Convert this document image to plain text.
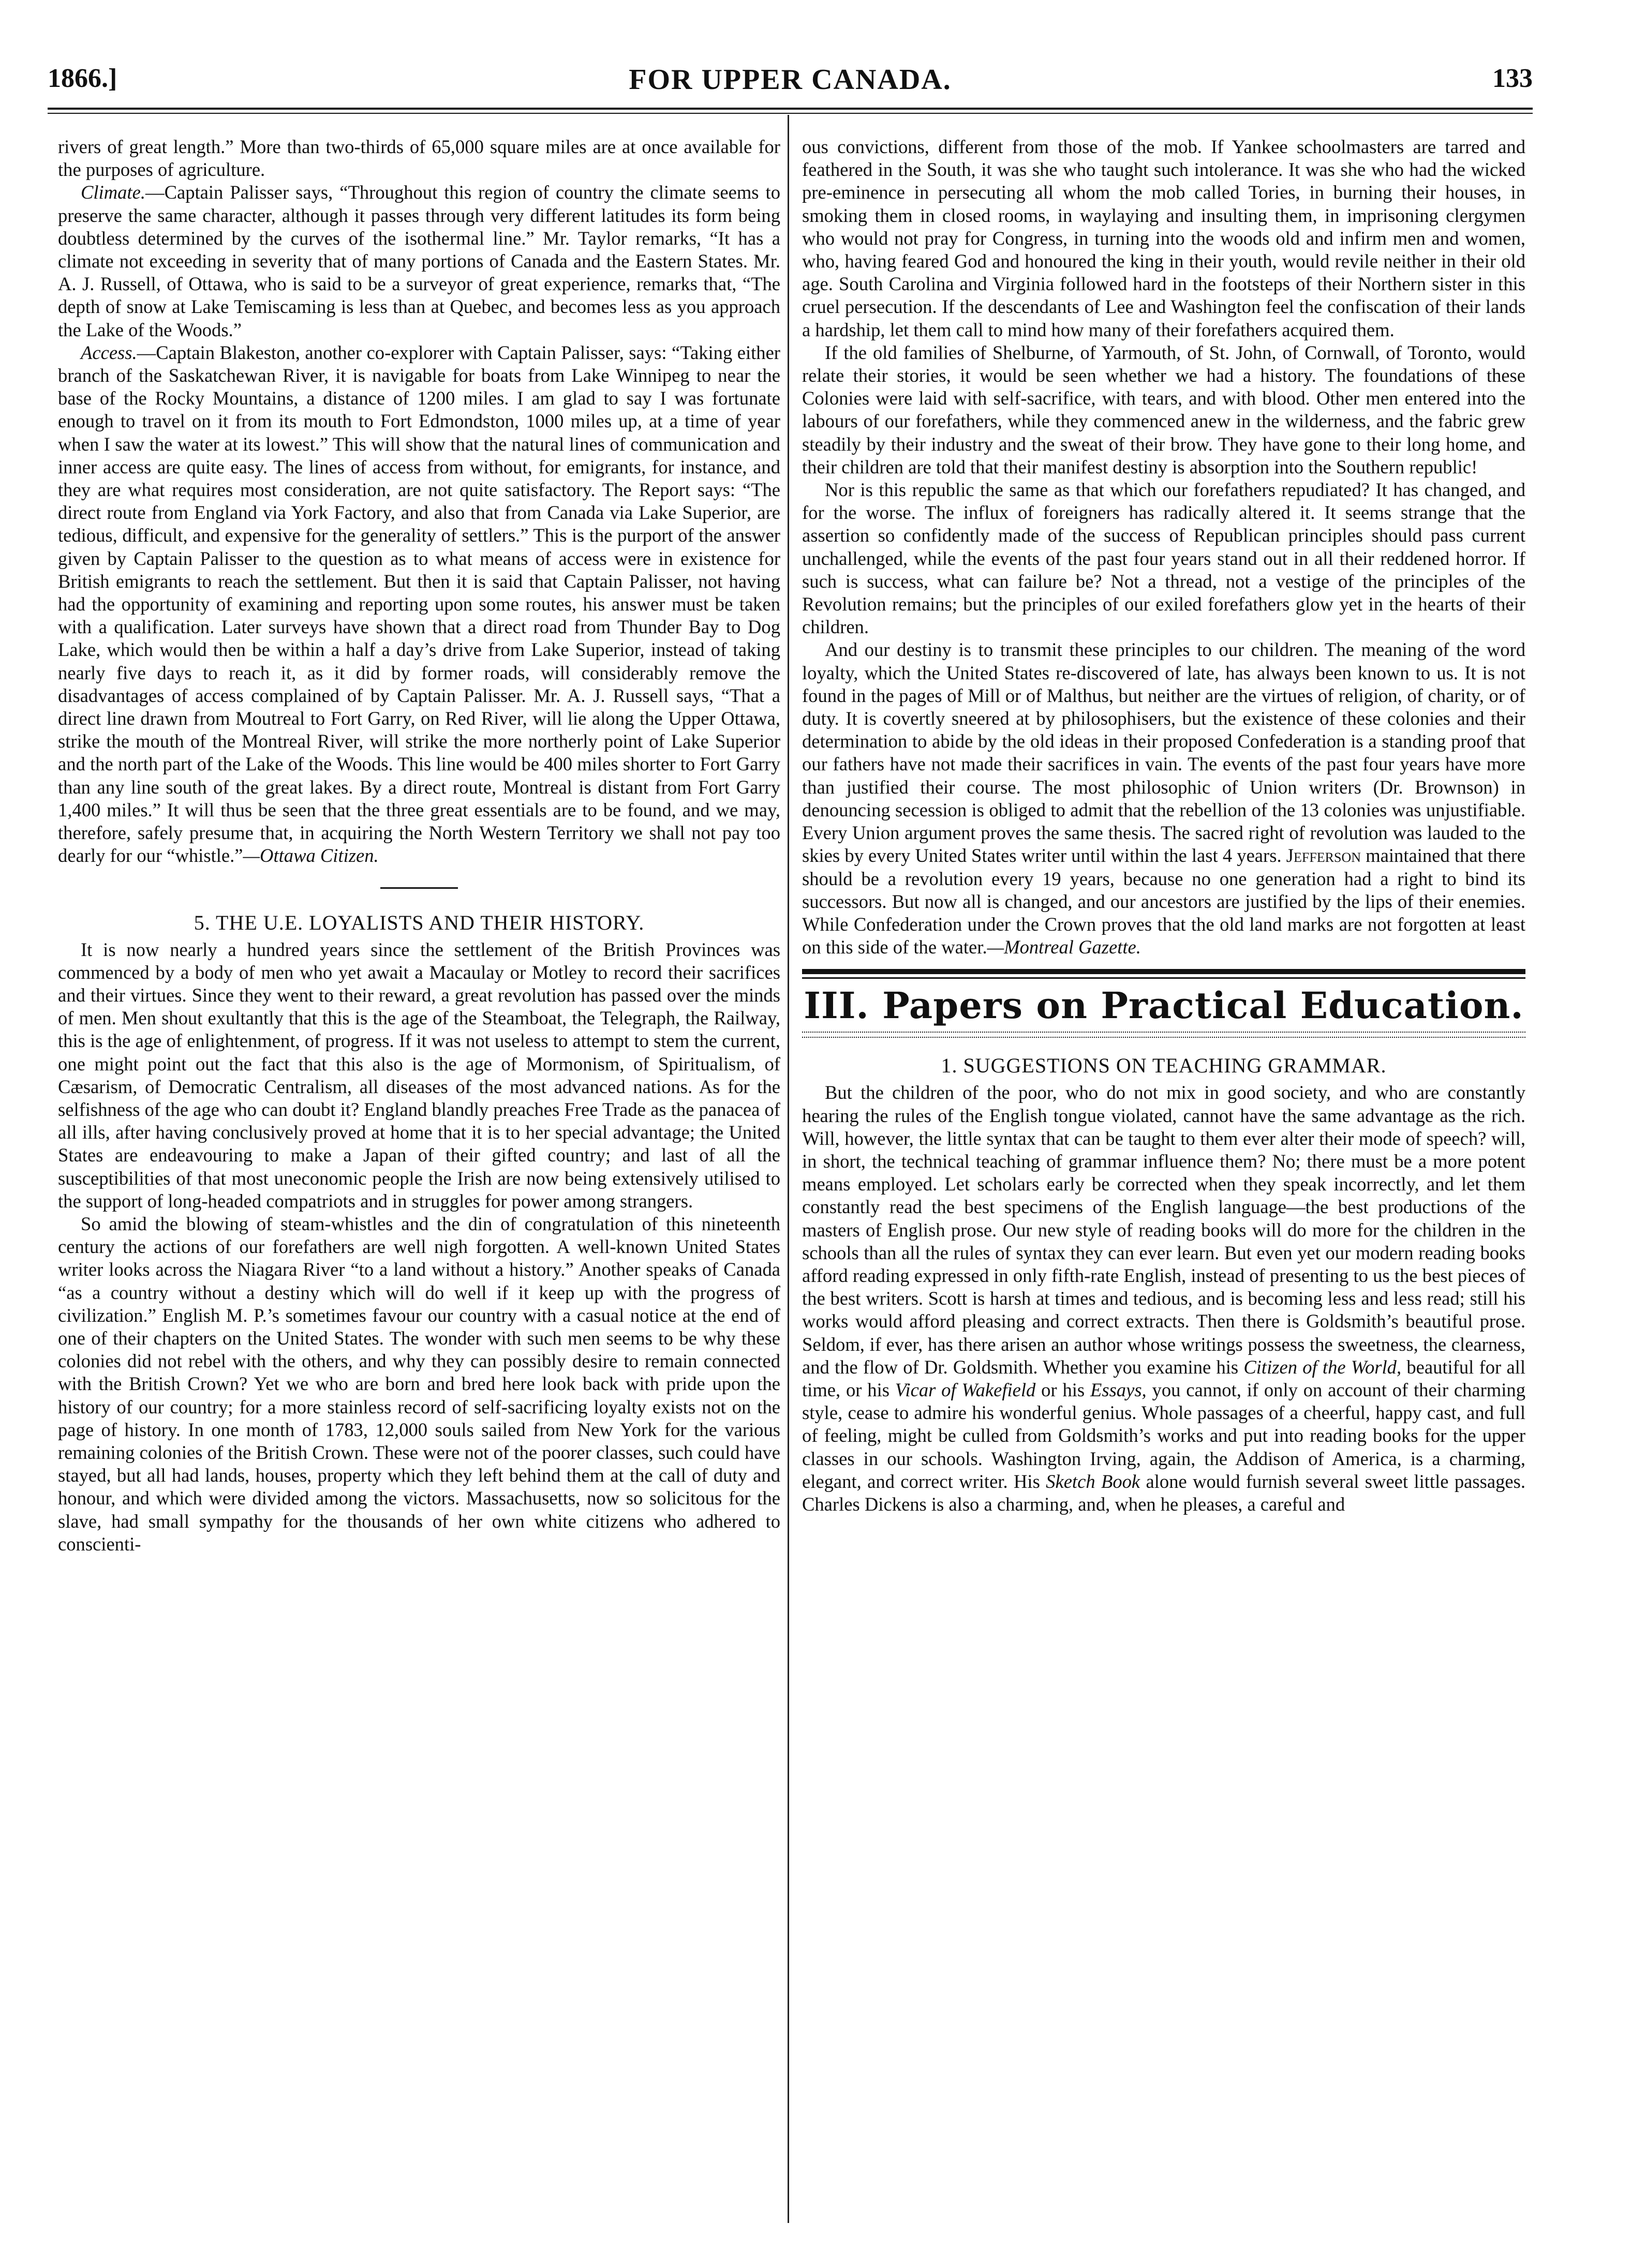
1866.]	FOR UPPER CANADA.	133

rivers of great length.” More than two-thirds of 65,000 square miles are at once available for the purposes of agriculture.

Climate.—Captain Palisser says, “Throughout this region of country the climate seems to preserve the same character, although it passes through very different latitudes its form being doubtless determined by the curves of the isothermal line.” Mr. Taylor remarks, “It has a climate not exceeding in severity that of many portions of Canada and the Eastern States. Mr. A. J. Russell, of Ottawa, who is said to be a surveyor of great experience, remarks that, “The depth of snow at Lake Temiscaming is less than at Quebec, and becomes less as you approach the Lake of the Woods.”

Access.—Captain Blakeston, another co-explorer with Captain Palisser, says: “Taking either branch of the Saskatchewan River, it is navigable for boats from Lake Winnipeg to near the base of the Rocky Mountains, a distance of 1200 miles. I am glad to say I was fortunate enough to travel on it from its mouth to Fort Edmondston, 1000 miles up, at a time of year when I saw the water at its lowest.” This will show that the natural lines of communication and inner access are quite easy. The lines of access from without, for emigrants, for instance, and they are what requires most consideration, are not quite satisfactory. The Report says: “The direct route from England via York Factory, and also that from Canada via Lake Superior, are tedious, difficult, and expensive for the generality of settlers.” This is the purport of the answer given by Captain Palisser to the question as to what means of access were in existence for British emigrants to reach the settlement. But then it is said that Captain Palisser, not having had the opportunity of examining and reporting upon some routes, his answer must be taken with a qualification. Later surveys have shown that a direct road from Thunder Bay to Dog Lake, which would then be within a half a day’s drive from Lake Superior, instead of taking nearly five days to reach it, as it did by former roads, will considerably remove the disadvantages of access complained of by Captain Palisser. Mr. A. J. Russell says, “That a direct line drawn from Moutreal to Fort Garry, on Red River, will lie along the Upper Ottawa, strike the mouth of the Montreal River, will strike the more northerly point of Lake Superior and the north part of the Lake of the Woods. This line would be 400 miles shorter to Fort Garry than any line south of the great lakes. By a direct route, Montreal is distant from Fort Garry 1,400 miles.” It will thus be seen that the three great essentials are to be found, and we may, therefore, safely presume that, in acquiring the North Western Territory we shall not pay too dearly for our “whistle.”—Ottawa Citizen.

5. THE U.E. LOYALISTS AND THEIR HISTORY.

It is now nearly a hundred years since the settlement of the British Provinces was commenced by a body of men who yet await a Macaulay or Motley to record their sacrifices and their virtues. Since they went to their reward, a great revolution has passed over the minds of men. Men shout exultantly that this is the age of the Steamboat, the Telegraph, the Railway, this is the age of enlightenment, of progress. If it was not useless to attempt to stem the current, one might point out the fact that this also is the age of Mormonism, of Spiritualism, of Cæsarism, of Democratic Centralism, all diseases of the most advanced nations. As for the selfishness of the age who can doubt it? England blandly preaches Free Trade as the panacea of all ills, after having conclusively proved at home that it is to her special advantage; the United States are endeavouring to make a Japan of their gifted country; and last of all the susceptibilities of that most uneconomic people the Irish are now being extensively utilised to the support of long-headed compatriots and in struggles for power among strangers.

So amid the blowing of steam-whistles and the din of congratulation of this nineteenth century the actions of our forefathers are well nigh forgotten. A well-known United States writer looks across the Niagara River “to a land without a history.” Another speaks of Canada “as a country without a destiny which will do well if it keep up with the progress of civilization.” English M. P.’s sometimes favour our country with a casual notice at the end of one of their chapters on the United States. The wonder with such men seems to be why these colonies did not rebel with the others, and why they can possibly desire to remain connected with the British Crown? Yet we who are born and bred here look back with pride upon the history of our country; for a more stainless record of self-sacrificing loyalty exists not on the page of history. In one month of 1783, 12,000 souls sailed from New York for the various remaining colonies of the British Crown. These were not of the poorer classes, such could have stayed, but all had lands, houses, property which they left behind them at the call of duty and honour, and which were divided among the victors. Massachusetts, now so solicitous for the slave, had small sympathy for the thousands of her own white citizens who adhered to conscienti-

ous convictions, different from those of the mob. If Yankee schoolmasters are tarred and feathered in the South, it was she who taught such intolerance. It was she who had the wicked pre-eminence in persecuting all whom the mob called Tories, in burning their houses, in smoking them in closed rooms, in waylaying and insulting them, in imprisoning clergymen who would not pray for Congress, in turning into the woods old and infirm men and women, who, having feared God and honoured the king in their youth, would revile neither in their old age. South Carolina and Virginia followed hard in the footsteps of their Northern sister in this cruel persecution. If the descendants of Lee and Washington feel the confiscation of their lands a hardship, let them call to mind how many of their forefathers acquired them.

If the old families of Shelburne, of Yarmouth, of St. John, of Cornwall, of Toronto, would relate their stories, it would be seen whether we had a history. The foundations of these Colonies were laid with self-sacrifice, with tears, and with blood. Other men entered into the labours of our forefathers, while they commenced anew in the wilderness, and the fabric grew steadily by their industry and the sweat of their brow. They have gone to their long home, and their children are told that their manifest destiny is absorption into the Southern republic!

Nor is this republic the same as that which our forefathers repudiated? It has changed, and for the worse. The influx of foreigners has radically altered it. It seems strange that the assertion so confidently made of the success of Republican principles should pass current unchallenged, while the events of the past four years stand out in all their reddened horror. If such is success, what can failure be? Not a thread, not a vestige of the principles of the Revolution remains; but the principles of our exiled forefathers glow yet in the hearts of their children.

And our destiny is to transmit these principles to our children. The meaning of the word loyalty, which the United States re-discovered of late, has always been known to us. It is not found in the pages of Mill or of Malthus, but neither are the virtues of religion, of charity, or of duty. It is covertly sneered at by philosophisers, but the existence of these colonies and their determination to abide by the old ideas in their proposed Confederation is a standing proof that our fathers have not made their sacrifices in vain. The events of the past four years have more than justified their course. The most philosophic of Union writers (Dr. Brownson) in denouncing secession is obliged to admit that the rebellion of the 13 colonies was unjustifiable. Every Union argument proves the same thesis. The sacred right of revolution was lauded to the skies by every United States writer until within the last 4 years. Jefferson maintained that there should be a revolution every 19 years, because no one generation had a right to bind its successors. But now all is changed, and our ancestors are justified by the lips of their enemies. While Confederation under the Crown proves that the old land marks are not forgotten at least on this side of the water.—Montreal Gazette.

III. Papers on Practical Education.
1. SUGGESTIONS ON TEACHING GRAMMAR.

But the children of the poor, who do not mix in good society, and who are constantly hearing the rules of the English tongue violated, cannot have the same advantage as the rich. Will, however, the little syntax that can be taught to them ever alter their mode of speech? will, in short, the technical teaching of grammar influence them? No; there must be a more potent means employed. Let scholars early be corrected when they speak incorrectly, and let them constantly read the best specimens of the English language—the best productions of the masters of English prose. Our new style of reading books will do more for the children in the schools than all the rules of syntax they can ever learn. But even yet our modern reading books afford reading expressed in only fifth-rate English, instead of presenting to us the best pieces of the best writers. Scott is harsh at times and tedious, and is becoming less and less read; still his works would afford pleasing and correct extracts. Then there is Goldsmith’s beautiful prose. Seldom, if ever, has there arisen an author whose writings possess the sweetness, the clearness, and the flow of Dr. Goldsmith. Whether you examine his Citizen of the World, beautiful for all time, or his Vicar of Wakefield or his Essays, you cannot, if only on account of their charming style, cease to admire his wonderful genius. Whole passages of a cheerful, happy cast, and full of feeling, might be culled from Goldsmith’s works and put into reading books for the upper classes in our schools. Washington Irving, again, the Addison of America, is a charming, elegant, and correct writer. His Sketch Book alone would furnish several sweet little passages. Charles Dickens is also a charming, and, when he pleases, a careful and
